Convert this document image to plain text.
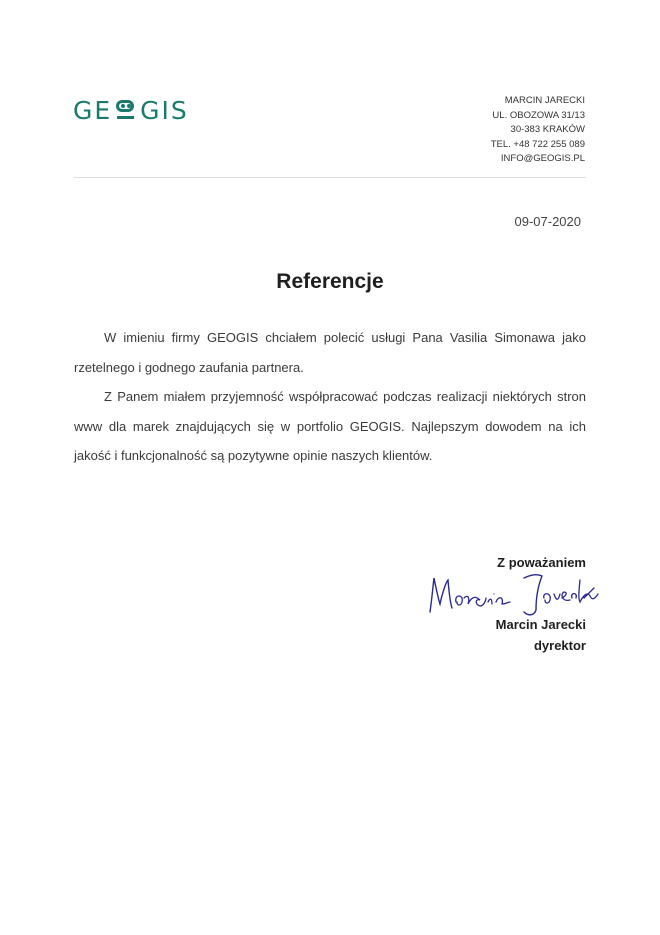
GE GIS	MARCIN JARECKI
UL. OBOZOWA 31/13
30-383 KRAKÓW
TEL. +48 722 255 089
INFO@GEOGIS.PL
09-07-2020
Referencje

W imieniu firmy GEOGIS chciałem polecić usługi Pana Vasilia Simonawa jako rzetelnego i godnego zaufania partnera.

Z Panem miałem przyjemność współpracować podczas realizacji niektórych stron www dla marek znajdujących się w portfolio GEOGIS. Najlepszym dowodem na ich jakość i funkcjonalność są pozytywne opinie naszych klientów.

Z poważaniem
Marcin Jarecki
dyrektor
